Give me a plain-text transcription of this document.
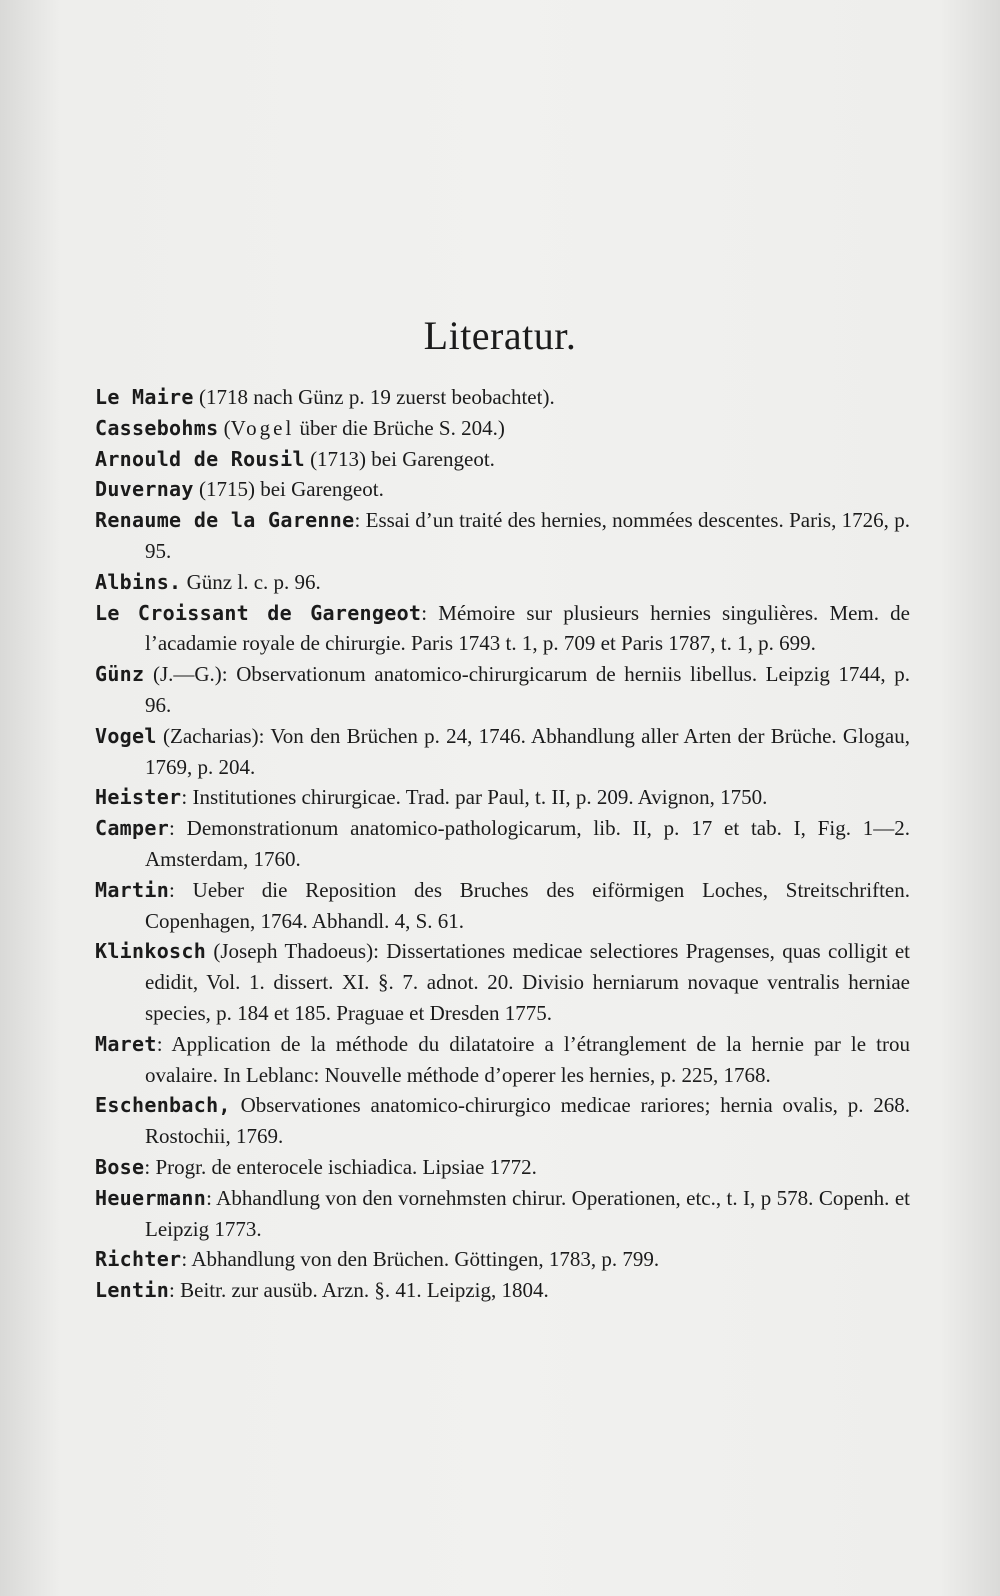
Literatur.
Le Maire (1718 nach Günz p. 19 zuerst beobachtet).
Cassebohms (Vogel über die Brüche S. 204.)
Arnould de Rousil (1713) bei Garengeot.
Duvernay (1715) bei Garengeot.
Renaume de la Garenne: Essai d’un traité des hernies, nommées descentes. Paris, 1726, p. 95.
Albins. Günz l. c. p. 96.
Le Croissant de Garengeot: Mémoire sur plusieurs hernies singulières. Mem. de l’acadamie royale de chirurgie. Paris 1743 t. 1, p. 709 et Paris 1787, t. 1, p. 699.
Günz (J.—G.): Observationum anatomico-chirurgicarum de herniis libellus. Leipzig 1744, p. 96.
Vogel (Zacharias): Von den Brüchen p. 24, 1746. Abhandlung aller Arten der Brüche. Glogau, 1769, p. 204.
Heister: Institutiones chirurgicae. Trad. par Paul, t. II, p. 209. Avignon, 1750.
Camper: Demonstrationum anatomico-pathologicarum, lib. II, p. 17 et tab. I, Fig. 1—2. Amsterdam, 1760.
Martin: Ueber die Reposition des Bruches des eiförmigen Loches, Streitschriften. Copenhagen, 1764. Abhandl. 4, S. 61.
Klinkosch (Joseph Thadoeus): Dissertationes medicae selectiores Pragenses, quas colligit et edidit, Vol. 1. dissert. XI. §. 7. adnot. 20. Divisio herniarum novaque ventralis herniae species, p. 184 et 185. Praguae et Dresden 1775.
Maret: Application de la méthode du dilatatoire a l’étranglement de la hernie par le trou ovalaire. In Leblanc: Nouvelle méthode d’operer les hernies, p. 225, 1768.
Eschenbach, Observationes anatomico-chirurgico medicae rariores; hernia ovalis, p. 268. Rostochii, 1769.
Bose: Progr. de enterocele ischiadica. Lipsiae 1772.
Heuermann: Abhandlung von den vornehmsten chirur. Operationen, etc., t. I, p 578. Copenh. et Leipzig 1773.
Richter: Abhandlung von den Brüchen. Göttingen, 1783, p. 799.
Lentin: Beitr. zur ausüb. Arzn. §. 41. Leipzig, 1804.
